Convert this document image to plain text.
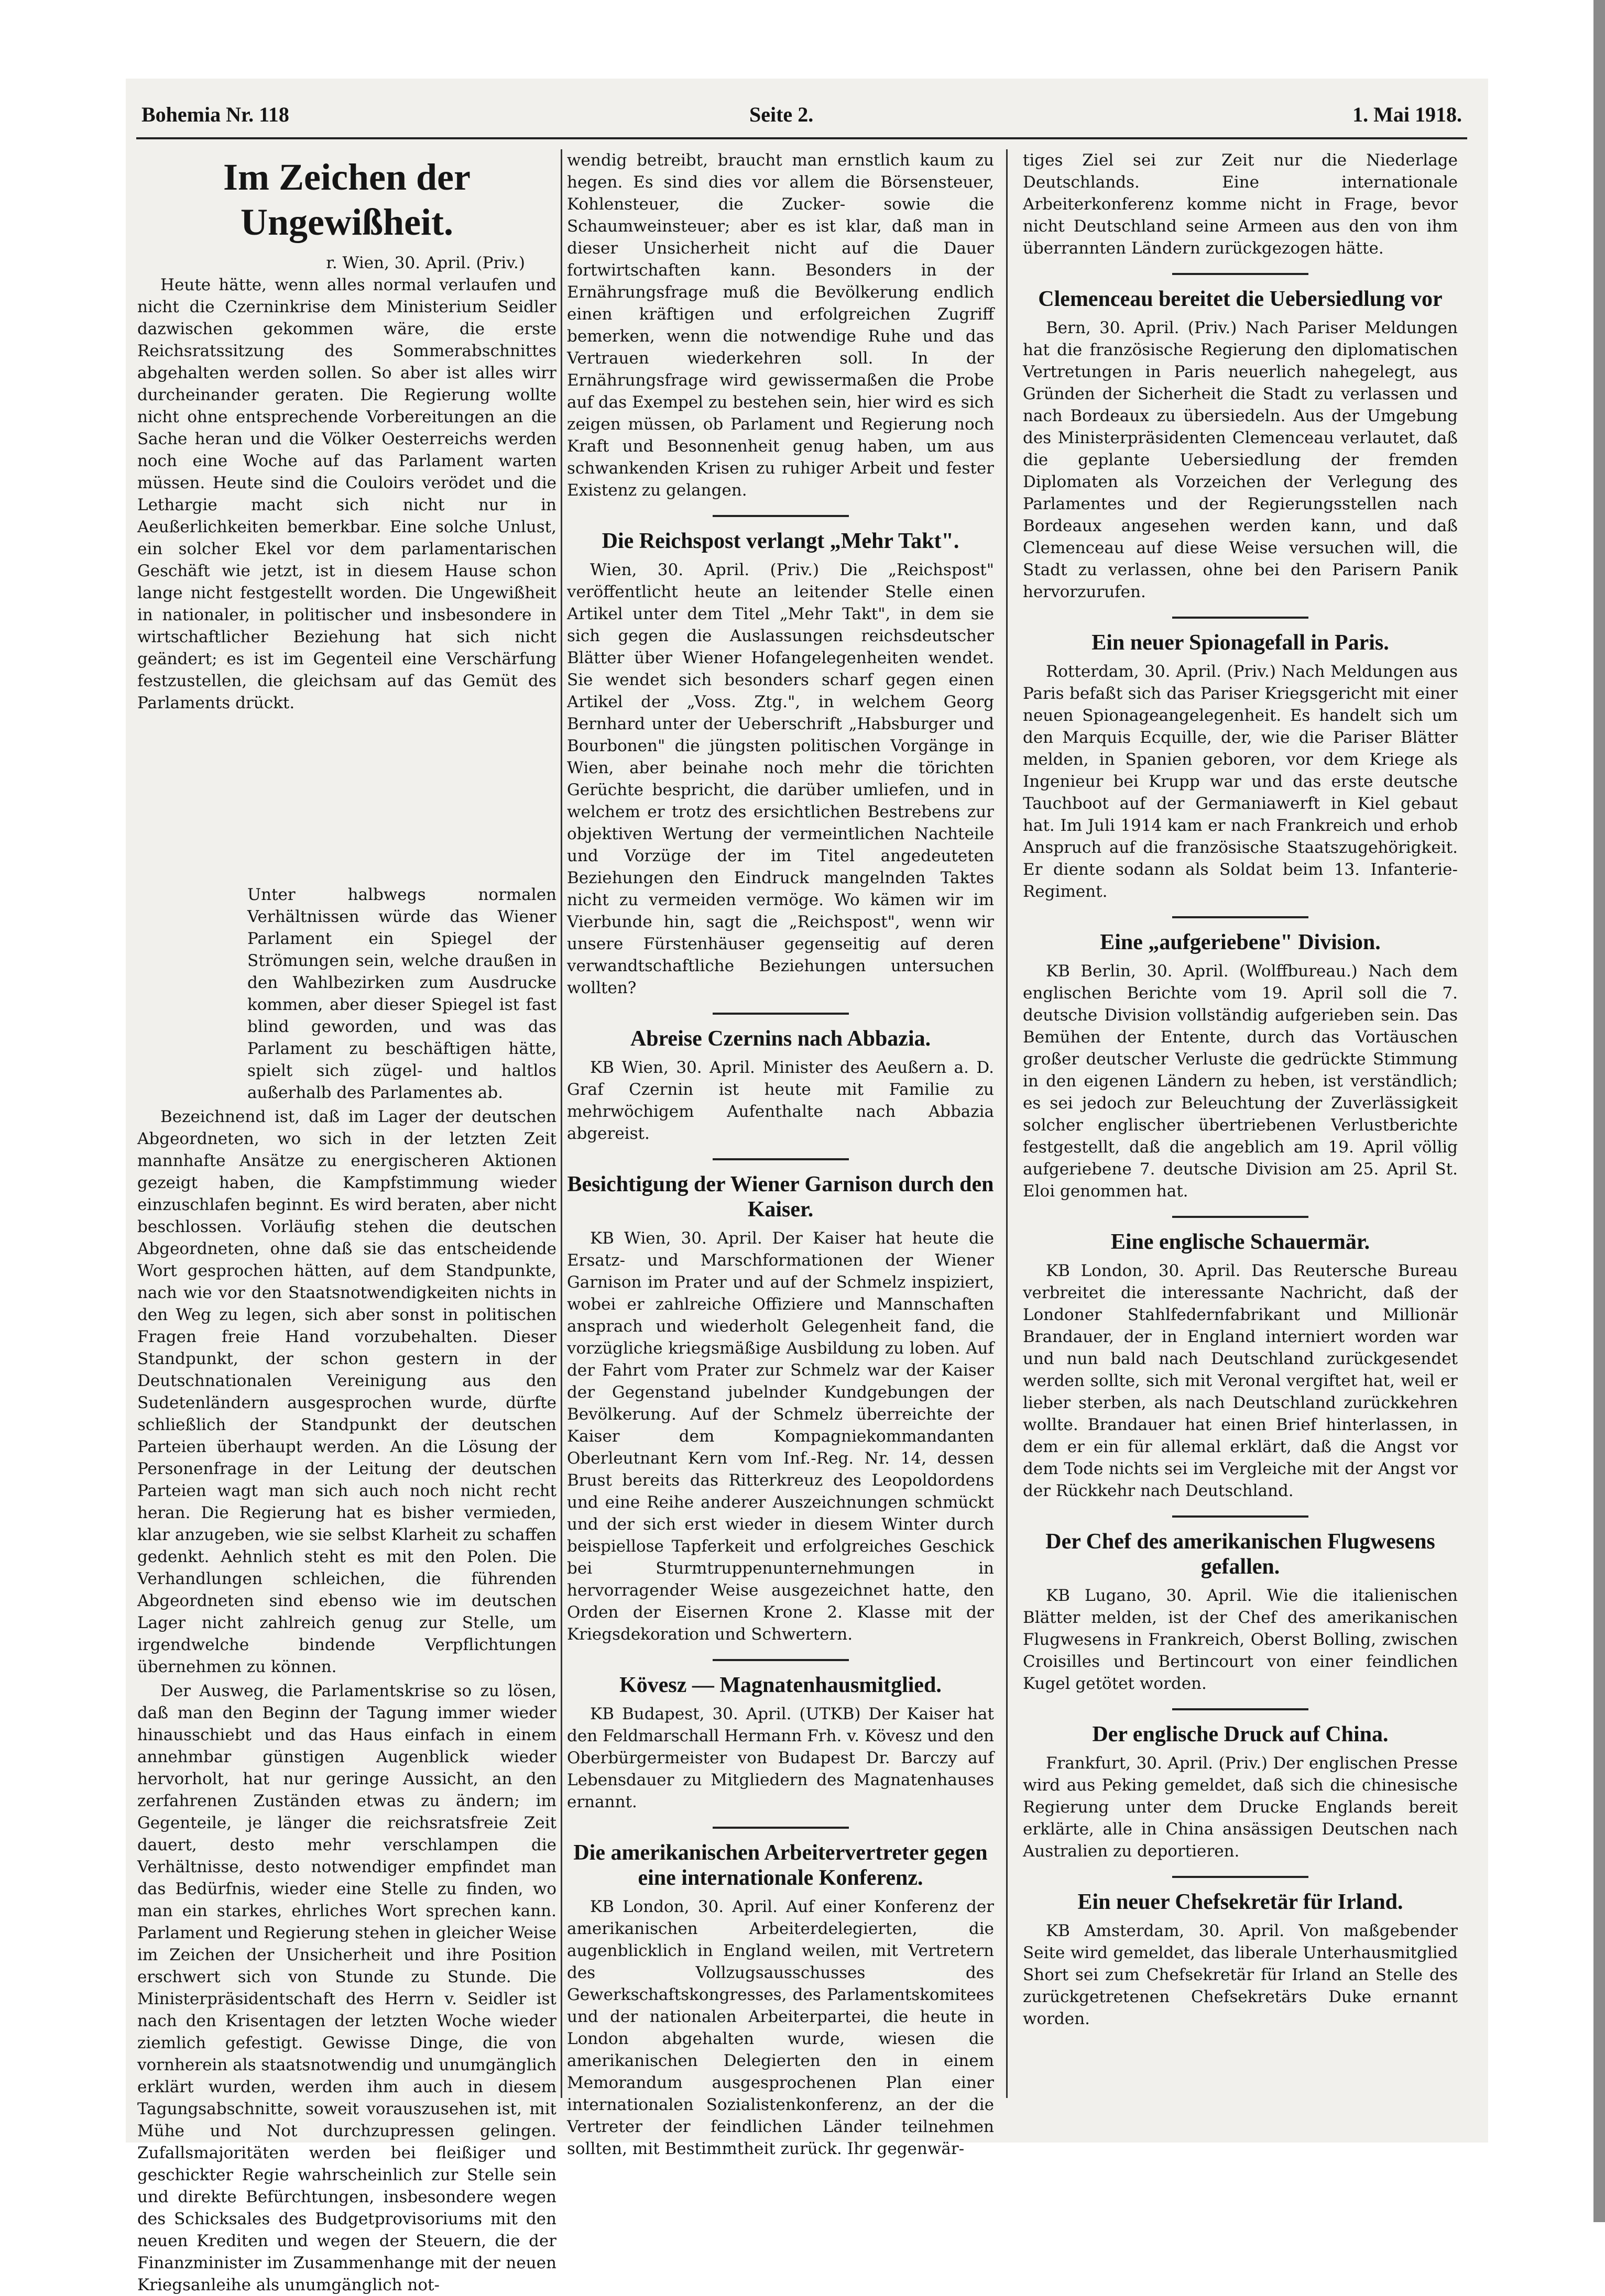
Bohemia Nr. 118	Seite 2.	1. Mai 1918.
Im Zeichen der Ungewißheit.
r. Wien, 30. April. (Priv.)

Heute hätte, wenn alles normal verlaufen und nicht die Czerninkrise dem Ministerium Seidler dazwischen gekommen wäre, die erste Reichsratssitzung des Sommerabschnittes abgehalten werden sollen. So aber ist alles wirr durcheinander geraten. Die Regierung wollte nicht ohne entsprechende Vorbereitungen an die Sache heran und die Völker Oesterreichs werden noch eine Woche auf das Parlament warten müssen. Heute sind die Couloirs verödet und die Lethargie macht sich nicht nur in Aeußerlichkeiten bemerkbar. Eine solche Unlust, ein solcher Ekel vor dem parlamentarischen Geschäft wie jetzt, ist in diesem Hause schon lange nicht festgestellt worden. Die Ungewißheit in nationaler, in politischer und insbesondere in wirtschaftlicher Beziehung hat sich nicht geändert; es ist im Gegenteil eine Verschärfung festzustellen, die gleichsam auf das Gemüt des Parlaments drückt.

Unter halbwegs normalen Verhältnissen würde das Wiener Parlament ein Spiegel der Strömungen sein, welche draußen in den Wahlbezirken zum Ausdrucke kommen, aber dieser Spiegel ist fast blind geworden, und was das Parlament zu beschäftigen hätte, spielt sich zügel- und haltlos außerhalb des Parlamentes ab.

Bezeichnend ist, daß im Lager der deutschen Abgeordneten, wo sich in der letzten Zeit mannhafte Ansätze zu energischeren Aktionen gezeigt haben, die Kampfstimmung wieder einzuschlafen beginnt. Es wird beraten, aber nicht beschlossen. Vorläufig stehen die deutschen Abgeordneten, ohne daß sie das entscheidende Wort gesprochen hätten, auf dem Standpunkte, nach wie vor den Staatsnotwendigkeiten nichts in den Weg zu legen, sich aber sonst in politischen Fragen freie Hand vorzubehalten. Dieser Standpunkt, der schon gestern in der Deutschnationalen Vereinigung aus den Sudetenländern ausgesprochen wurde, dürfte schließlich der Standpunkt der deutschen Parteien überhaupt werden. An die Lösung der Personenfrage in der Leitung der deutschen Parteien wagt man sich auch noch nicht recht heran. Die Regierung hat es bisher vermieden, klar anzugeben, wie sie selbst Klarheit zu schaffen gedenkt. Aehnlich steht es mit den Polen. Die Verhandlungen schleichen, die führenden Abgeordneten sind ebenso wie im deutschen Lager nicht zahlreich genug zur Stelle, um irgendwelche bindende Verpflichtungen übernehmen zu können.

Der Ausweg, die Parlamentskrise so zu lösen, daß man den Beginn der Tagung immer wieder hinausschiebt und das Haus einfach in einem annehmbar günstigen Augenblick wieder hervorholt, hat nur geringe Aussicht, an den zerfahrenen Zuständen etwas zu ändern; im Gegenteile, je länger die reichsratsfreie Zeit dauert, desto mehr verschlampen die Verhältnisse, desto notwendiger empfindet man das Bedürfnis, wieder eine Stelle zu finden, wo man ein starkes, ehrliches Wort sprechen kann. Parlament und Regierung stehen in gleicher Weise im Zeichen der Unsicherheit und ihre Position erschwert sich von Stunde zu Stunde. Die Ministerpräsidentschaft des Herrn v. Seidler ist nach den Krisentagen der letzten Woche wieder ziemlich gefestigt. Gewisse Dinge, die von vornherein als staatsnotwendig und unumgänglich erklärt wurden, werden ihm auch in diesem Tagungsabschnitte, soweit vorauszusehen ist, mit Mühe und Not durchzupressen gelingen. Zufallsmajoritäten werden bei fleißiger und geschickter Regie wahrscheinlich zur Stelle sein und direkte Befürchtungen, insbesondere wegen des Schicksales des Budgetprovisoriums mit den neuen Krediten und wegen der Steuern, die der Finanzminister im Zusammenhange mit der neuen Kriegsanleihe als unumgänglich not-

wendig betreibt, braucht man ernstlich kaum zu hegen. Es sind dies vor allem die Börsensteuer, Kohlensteuer, die Zucker- sowie die Schaumweinsteuer; aber es ist klar, daß man in dieser Unsicherheit nicht auf die Dauer fortwirtschaften kann. Besonders in der Ernährungsfrage muß die Bevölkerung endlich einen kräftigen und erfolgreichen Zugriff bemerken, wenn die notwendige Ruhe und das Vertrauen wiederkehren soll. In der Ernährungsfrage wird gewissermaßen die Probe auf das Exempel zu bestehen sein, hier wird es sich zeigen müssen, ob Parlament und Regierung noch Kraft und Besonnenheit genug haben, um aus schwankenden Krisen zu ruhiger Arbeit und fester Existenz zu gelangen.

Die Reichspost verlangt „Mehr Takt".

Wien, 30. April. (Priv.) Die „Reichspost" veröffentlicht heute an leitender Stelle einen Artikel unter dem Titel „Mehr Takt", in dem sie sich gegen die Auslassungen reichsdeutscher Blätter über Wiener Hofangelegenheiten wendet. Sie wendet sich besonders scharf gegen einen Artikel der „Voss. Ztg.", in welchem Georg Bernhard unter der Ueberschrift „Habsburger und Bourbonen" die jüngsten politischen Vorgänge in Wien, aber beinahe noch mehr die törichten Gerüchte bespricht, die darüber umliefen, und in welchem er trotz des ersichtlichen Bestrebens zur objektiven Wertung der vermeintlichen Nachteile und Vorzüge der im Titel angedeuteten Beziehungen den Eindruck mangelnden Taktes nicht zu vermeiden vermöge. Wo kämen wir im Vierbunde hin, sagt die „Reichspost", wenn wir unsere Fürstenhäuser gegenseitig auf deren verwandtschaftliche Beziehungen untersuchen wollten?

Abreise Czernins nach Abbazia.

KB Wien, 30. April. Minister des Aeußern a. D. Graf Czernin ist heute mit Familie zu mehrwöchigem Aufenthalte nach Abbazia abgereist.

Besichtigung der Wiener Garnison durch den Kaiser.

KB Wien, 30. April. Der Kaiser hat heute die Ersatz- und Marschformationen der Wiener Garnison im Prater und auf der Schmelz inspiziert, wobei er zahlreiche Offiziere und Mannschaften ansprach und wiederholt Gelegenheit fand, die vorzügliche kriegsmäßige Ausbildung zu loben. Auf der Fahrt vom Prater zur Schmelz war der Kaiser der Gegenstand jubelnder Kundgebungen der Bevölkerung. Auf der Schmelz überreichte der Kaiser dem Kompagniekommandanten Oberleutnant Kern vom Inf.-Reg. Nr. 14, dessen Brust bereits das Ritterkreuz des Leopoldordens und eine Reihe anderer Auszeichnungen schmückt und der sich erst wieder in diesem Winter durch beispiellose Tapferkeit und erfolgreiches Geschick bei Sturmtruppenunternehmungen in hervorragender Weise ausgezeichnet hatte, den Orden der Eisernen Krone 2. Klasse mit der Kriegsdekoration und Schwertern.

Kövesz — Magnatenhausmitglied.

KB Budapest, 30. April. (UTKB) Der Kaiser hat den Feldmarschall Hermann Frh. v. Kövesz und den Oberbürgermeister von Budapest Dr. Barczy auf Lebensdauer zu Mitgliedern des Magnatenhauses ernannt.

Die amerikanischen Arbeitervertreter gegen eine internationale Konferenz.

KB London, 30. April. Auf einer Konferenz der amerikanischen Arbeiterdelegierten, die augenblicklich in England weilen, mit Vertretern des Vollzugsausschusses des Gewerkschaftskongresses, des Parlamentskomitees und der nationalen Arbeiterpartei, die heute in London abgehalten wurde, wiesen die amerikanischen Delegierten den in einem Memorandum ausgesprochenen Plan einer internationalen Sozialistenkonferenz, an der die Vertreter der feindlichen Länder teilnehmen sollten, mit Bestimmtheit zurück. Ihr gegenwär-

tiges Ziel sei zur Zeit nur die Niederlage Deutschlands. Eine internationale Arbeiterkonferenz komme nicht in Frage, bevor nicht Deutschland seine Armeen aus den von ihm überrannten Ländern zurückgezogen hätte.

Clemenceau bereitet die Uebersiedlung vor

Bern, 30. April. (Priv.) Nach Pariser Meldungen hat die französische Regierung den diplomatischen Vertretungen in Paris neuerlich nahegelegt, aus Gründen der Sicherheit die Stadt zu verlassen und nach Bordeaux zu übersiedeln. Aus der Umgebung des Ministerpräsidenten Clemenceau verlautet, daß die geplante Uebersiedlung der fremden Diplomaten als Vorzeichen der Verlegung des Parlamentes und der Regierungsstellen nach Bordeaux angesehen werden kann, und daß Clemenceau auf diese Weise versuchen will, die Stadt zu verlassen, ohne bei den Parisern Panik hervorzurufen.

Ein neuer Spionagefall in Paris.

Rotterdam, 30. April. (Priv.) Nach Meldungen aus Paris befaßt sich das Pariser Kriegsgericht mit einer neuen Spionageangelegenheit. Es handelt sich um den Marquis Ecquille, der, wie die Pariser Blätter melden, in Spanien geboren, vor dem Kriege als Ingenieur bei Krupp war und das erste deutsche Tauchboot auf der Germaniawerft in Kiel gebaut hat. Im Juli 1914 kam er nach Frankreich und erhob Anspruch auf die französische Staatszugehörigkeit. Er diente sodann als Soldat beim 13. Infanterie-Regiment.

Eine „aufgeriebene" Division.

KB Berlin, 30. April. (Wolffbureau.) Nach dem englischen Berichte vom 19. April soll die 7. deutsche Division vollständig aufgerieben sein. Das Bemühen der Entente, durch das Vortäuschen großer deutscher Verluste die gedrückte Stimmung in den eigenen Ländern zu heben, ist verständlich; es sei jedoch zur Beleuchtung der Zuverlässigkeit solcher englischer übertriebenen Verlustberichte festgestellt, daß die angeblich am 19. April völlig aufgeriebene 7. deutsche Division am 25. April St. Eloi genommen hat.

Eine englische Schauermär.

KB London, 30. April. Das Reutersche Bureau verbreitet die interessante Nachricht, daß der Londoner Stahlfedernfabrikant und Millionär Brandauer, der in England interniert worden war und nun bald nach Deutschland zurückgesendet werden sollte, sich mit Veronal vergiftet hat, weil er lieber sterben, als nach Deutschland zurückkehren wollte. Brandauer hat einen Brief hinterlassen, in dem er ein für allemal erklärt, daß die Angst vor dem Tode nichts sei im Vergleiche mit der Angst vor der Rückkehr nach Deutschland.

Der Chef des amerikanischen Flugwesens gefallen.

KB Lugano, 30. April. Wie die italienischen Blätter melden, ist der Chef des amerikanischen Flugwesens in Frankreich, Oberst Bolling, zwischen Croisilles und Bertincourt von einer feindlichen Kugel getötet worden.

Der englische Druck auf China.

Frankfurt, 30. April. (Priv.) Der englischen Presse wird aus Peking gemeldet, daß sich die chinesische Regierung unter dem Drucke Englands bereit erklärte, alle in China ansässigen Deutschen nach Australien zu deportieren.

Ein neuer Chefsekretär für Irland.

KB Amsterdam, 30. April. Von maßgebender Seite wird gemeldet, das liberale Unterhausmitglied Short sei zum Chefsekretär für Irland an Stelle des zurückgetretenen Chefsekretärs Duke ernannt worden.
